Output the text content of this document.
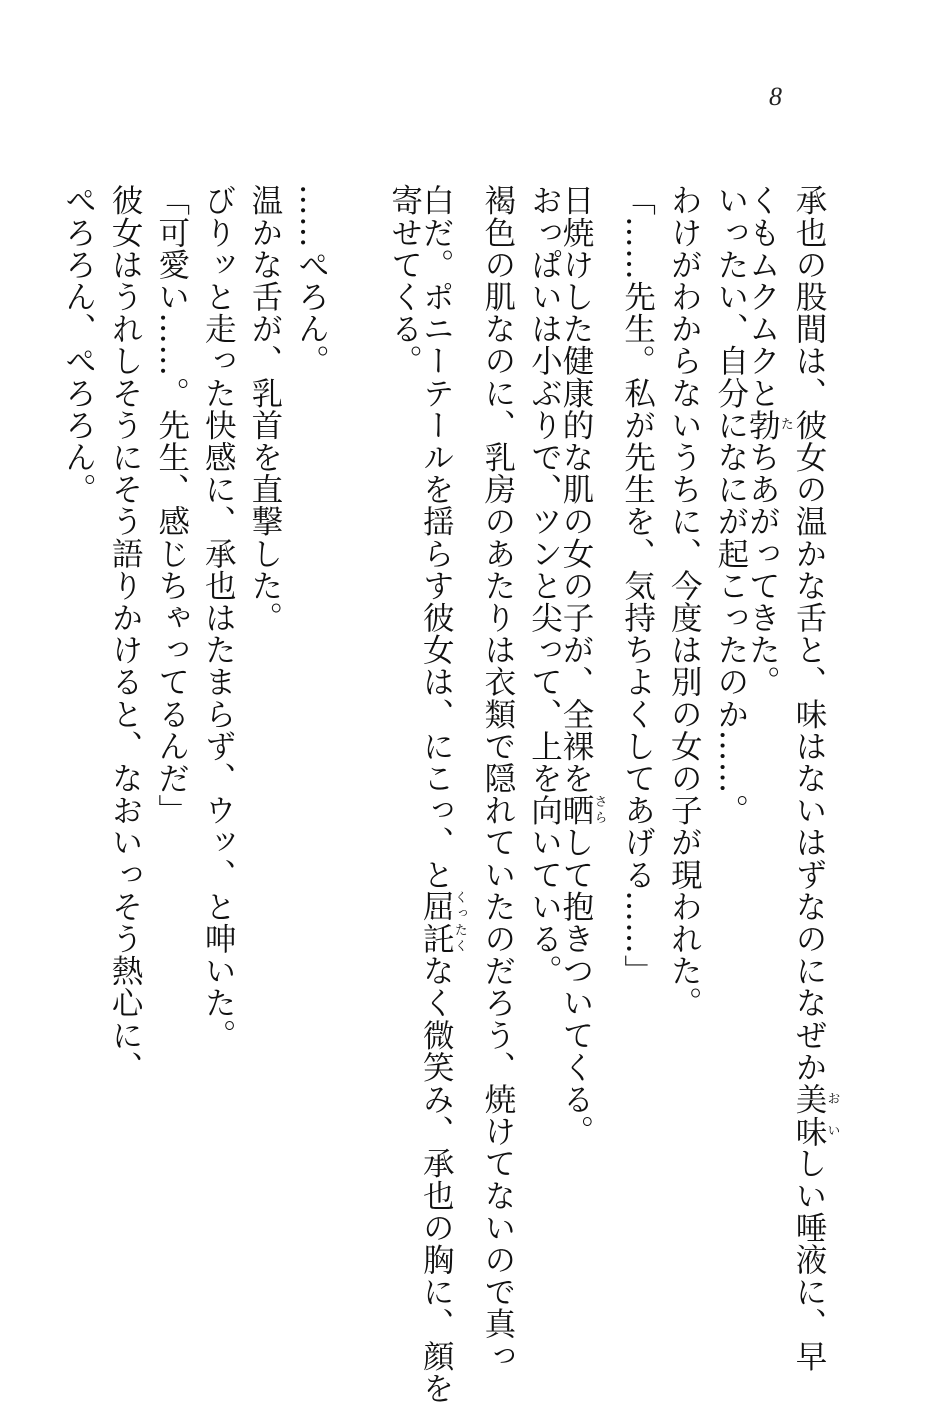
8
承也の股間は、彼女の温かな舌と、味はないはずなのになぜか美味おいしい唾液に、早
くもムクムクと勃たちあがってきた。
いったい、自分になにが起こったのか……。
わけがわからないうちに、今度は別の女の子が現われた。
「……先生。私が先生を、気持ちよくしてあげる……」
日焼けした健康的な肌の女の子が、全裸を晒さらして抱きついてくる。
おっぱいは小ぶりで、ツンと尖って、上を向いている。
褐色の肌なのに、乳房のあたりは衣類で隠れていたのだろう、焼けてないので真っ
白だ。ポニーテールを揺らす彼女は、にこっ、と屈託くったくなく微笑み、承也の胸に、顔を
寄せてくる。
……ぺろん。
温かな舌が、乳首を直撃した。
びりッと走った快感に、承也はたまらず、ウッ、と呻いた。
「可愛い……。先生、感じちゃってるんだ」
彼女はうれしそうにそう語りかけると、なおいっそう熱心に、
ぺろろん、ぺろろん。
